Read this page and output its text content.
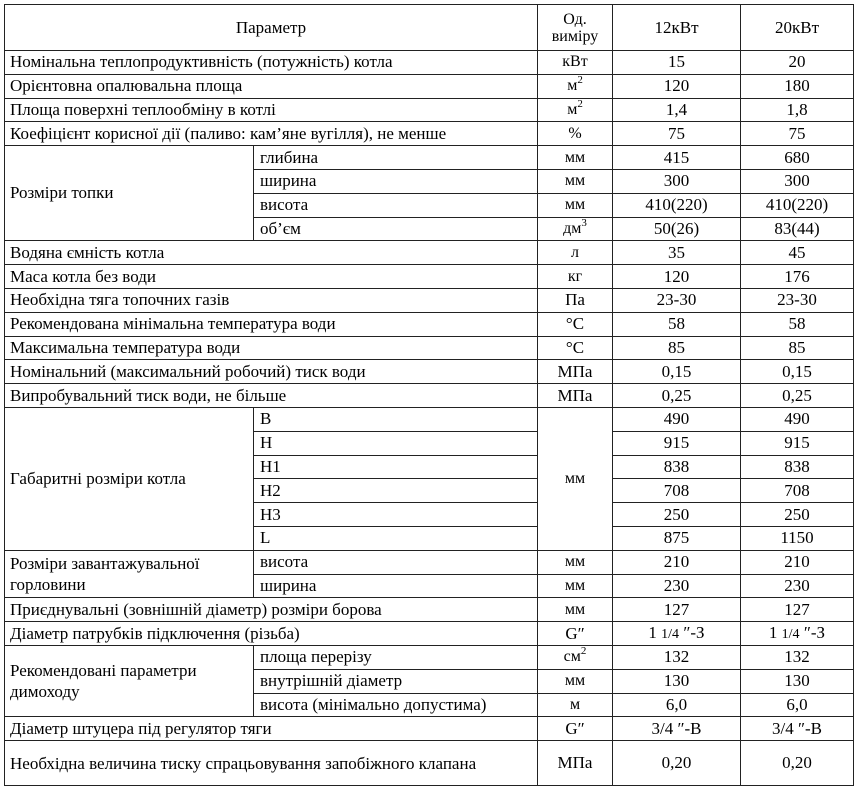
Параметр		Од. виміру	12кВт	20кВт
Номінальна теплопродуктивність (потужність) котла		кВт	15	20
Орієнтовна опалювальна площа		$м^2$	120	180
Площа поверхні теплообміну в котлі		$м^2$	1,4	1,8
Коефіцієнт корисної дії (паливо: кам’яне вугілля), не менше		%	75	75
Розміри топки	глибина	мм	415	680
	ширина	мм	300	300
	висота	мм	410(220)	410(220)
	об’єм	$дм^3$	50(26)	83(44)
Водяна ємність котла		л	35	45
Маса котла без води		кг	120	176
Необхідна тяга топочних газів		Па	23-30	23-30
Рекомендована мінімальна температура води		°С	58	58
Максимальна температура води		°С	85	85
Номінальний (максимальний робочий) тиск води		МПа	0,15	0,15
Випробувальний тиск води, не більше		МПа	0,25	0,25
Габаритні розміри котла	B	мм	490	490
	H		915	915
	H1		838	838
	H2		708	708
	H3		250	250
	L		875	1150
Розміри завантажувальної горловини	висота	мм	210	210
	ширина	мм	230	230
Приєднувальні (зовнішній діаметр) розміри борова		мм	127	127
Діаметр патрубків підключення (різьба)		G″	1 1/4 ″-З	1 1/4 ″-З
Рекомендовані параметри димоходу	площа перерізу	$см^2$	132	132
	внутрішній діаметр	мм	130	130
	висота (мінімально допустима)	м	6,0	6,0
Діаметр штуцера під регулятор тяги		G″	3/4 ″-В	3/4 ″-В
Необхідна величина тиску спрацьовування запобіжного клапана		МПа	0,20	0,20
